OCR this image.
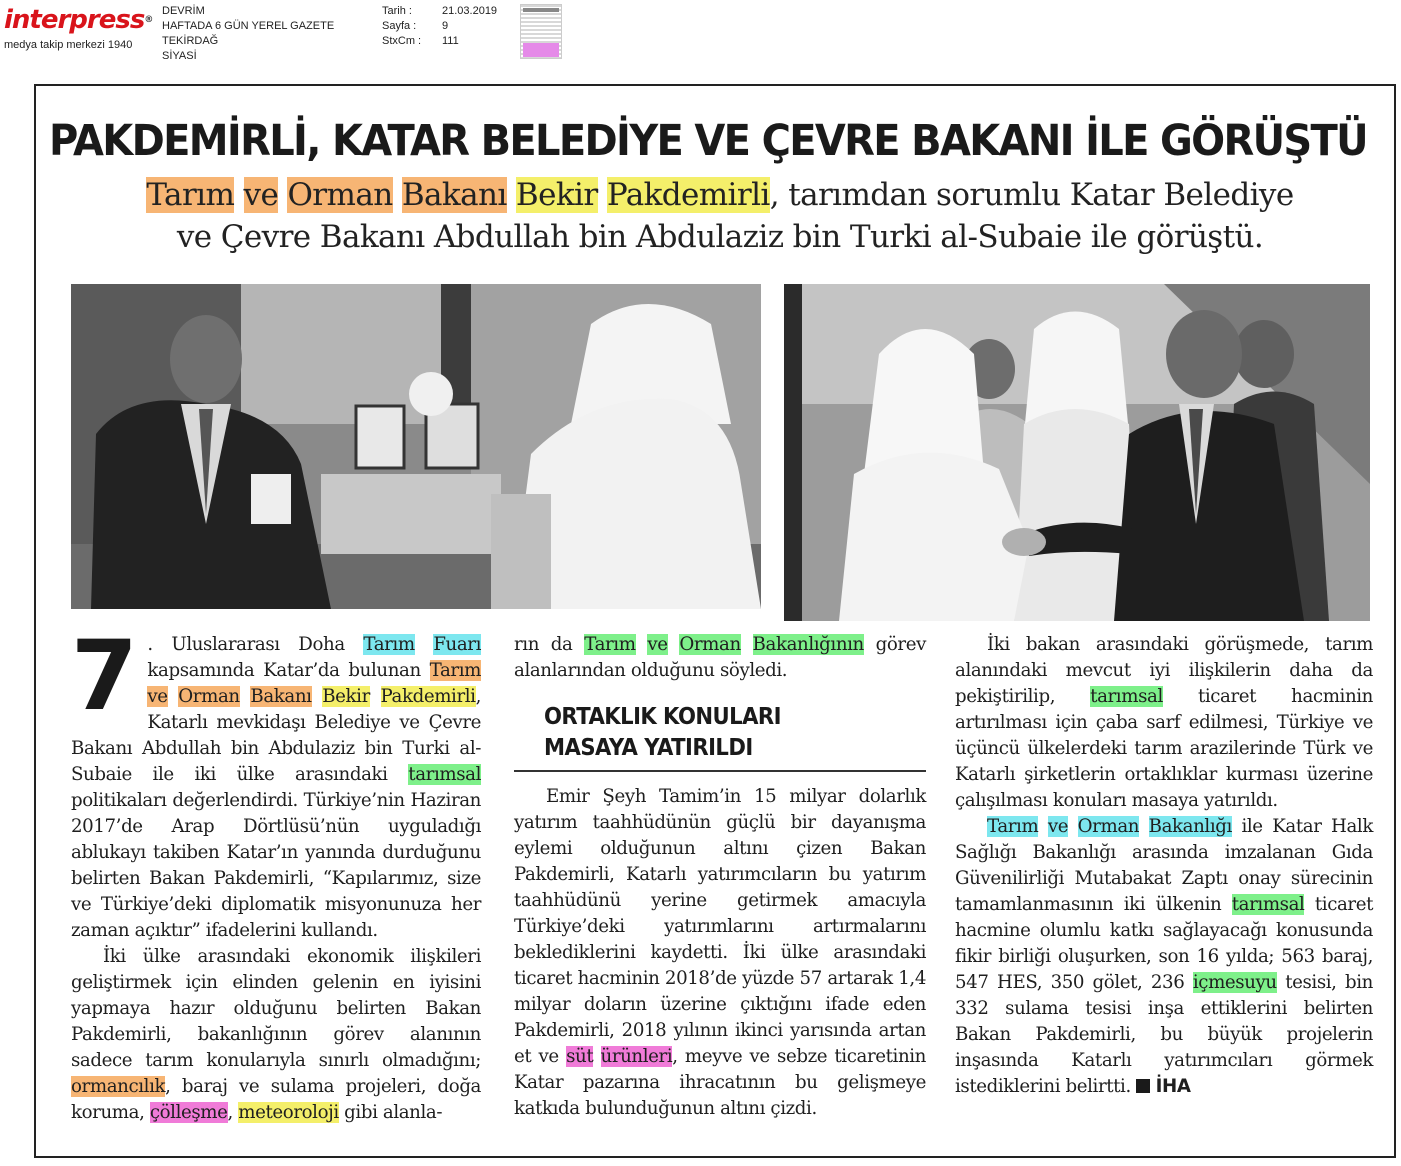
interpress®
medya takip merkezi 1940
DEVRİM
HAFTADA 6 GÜN YEREL GAZETE
TEKİRDAĞ
SİYASİ
Tarih :	21.03.2019
Sayfa :	9
StxCm :	111
PAKDEMİRLİ, KATAR BELEDİYE VE ÇEVRE BAKANI İLE GÖRÜŞTÜ
Tarım ve Orman Bakanı Bekir Pakdemirli, tarımdan sorumlu Katar Belediye
ve Çevre Bakanı Abdullah bin Abdulaziz bin Turki al-Subaie ile görüştü.

7 . Uluslararası Doha Tarım Fuarı kapsamında Katar’da bulunan Tarım ve Orman Bakanı Bekir Pakdemirli, Katarlı mevkidaşı Belediye ve Çevre Bakanı Abdullah bin Abdulaziz bin Turki al-Subaie ile iki ülke arasındaki tarımsal politikaları değerlendirdi. Türkiye’nin Haziran 2017’de Arap Dörtlüsü’nün uyguladığı ablukayı takiben Katar’ın yanında durduğunu belirten Bakan Pakdemirli, “Kapılarımız, size ve Türkiye’deki diplomatik misyonunuza her zaman açıktır” ifadelerini kullandı.

İki ülke arasındaki ekonomik ilişkileri geliştirmek için elinden gelenin en iyisini yapmaya hazır olduğunu belirten Bakan Pakdemirli, bakanlığının görev alanının sadece tarım konularıyla sınırlı olmadığını; ormancılık, baraj ve sulama projeleri, doğa koruma, çölleşme, meteoroloji gibi alanla-

rın da Tarım ve Orman Bakanlığının görev alanlarından olduğunu söyledi.

ORTAKLIK KONULARI
MASAYA YATIRILDI

Emir Şeyh Tamim’in 15 milyar dolarlık yatırım taahhüdünün güçlü bir dayanışma eylemi olduğunun altını çizen Bakan Pakdemirli, Katarlı yatırımcıların bu yatırım taahhüdünü yerine getirmek amacıyla Türkiye’deki yatırımlarını artırmalarını beklediklerini kaydetti. İki ülke arasındaki ticaret hacminin 2018’de yüzde 57 artarak 1,4 milyar doların üzerine çıktığını ifade eden Pakdemirli, 2018 yılının ikinci yarısında artan et ve süt ürünleri, meyve ve sebze ticaretinin Katar pazarına ihracatının bu gelişmeye katkıda bulunduğunun altını çizdi.

İki bakan arasındaki görüşmede, tarım alanındaki mevcut iyi ilişkilerin daha da pekiştirilip, tarımsal ticaret hacminin artırılması için çaba sarf edilmesi, Türkiye ve üçüncü ülkelerdeki tarım arazilerinde Türk ve Katarlı şirketlerin ortaklıklar kurması üzerine çalışılması konuları masaya yatırıldı.

Tarım ve Orman Bakanlığı ile Katar Halk Sağlığı Bakanlığı arasında imzalanan Gıda Güvenilirliği Mutabakat Zaptı onay sürecinin tamamlanmasının iki ülkenin tarımsal ticaret hacmine olumlu katkı sağlayacağı konusunda fikir birliği oluşurken, son 16 yılda; 563 baraj, 547 HES, 350 gölet, 236 içmesuyu tesisi, bin 332 sulama tesisi inşa ettiklerini belirten Bakan Pakdemirli, bu büyük projelerin inşasında Katarlı yatırımcıları görmek istediklerini belirtti. İHA
